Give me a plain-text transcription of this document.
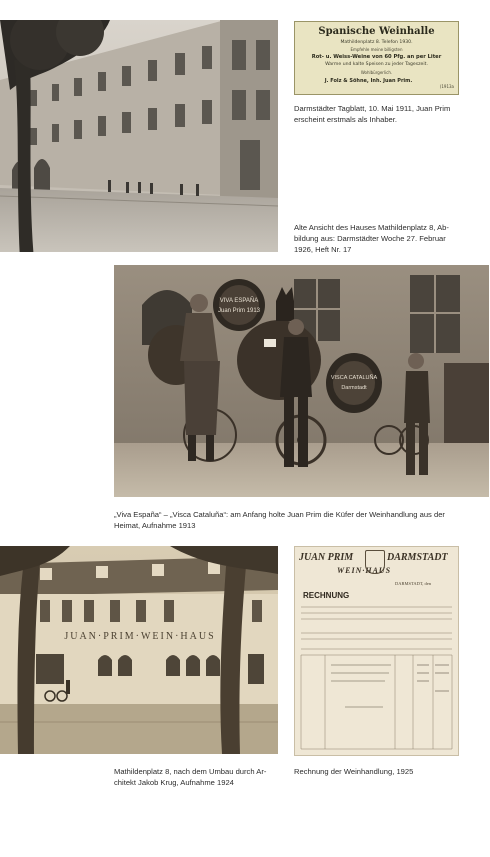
Spanische Weinhalle
Mathildenplatz 8. Telefon 1930.
Empfehle meine billigsten
Rot- u. Weiss-Weine von 60 Pfg. an per Liter
Warme und kalte Speisen zu jeder Tageszeit.
Wohlbürgerlich.
J. Folz & Söhne, Inh. Juan Prim.
(1913a
Darmstädter Tagblatt, 10. Mai 1911, Juan Prim
erscheint erstmals als Inhaber.
Alte Ansicht des Hauses Mathildenplatz 8, Ab-
bildung aus: Darmstädter Woche 27. Februar
1926, Heft Nr. 17
VIVA ESPAÑA
Juan Prim 1913
VISCA CATALUÑA
Darmstadt
„Viva España“ – „Visca Cataluña“: am Anfang holte Juan Prim die Küfer der Weinhandlung aus der
Heimat, Aufnahme 1913
JUAN·PRIM·WEIN·HAUS
JUAN PRIM	DARMSTADT
WEIN·HAUS
DARMSTADT, den
RECHNUNG
Mathildenplatz 8, nach dem Umbau durch Ar-
chitekt Jakob Krug, Aufnahme 1924
Rechnung der Weinhandlung, 1925
